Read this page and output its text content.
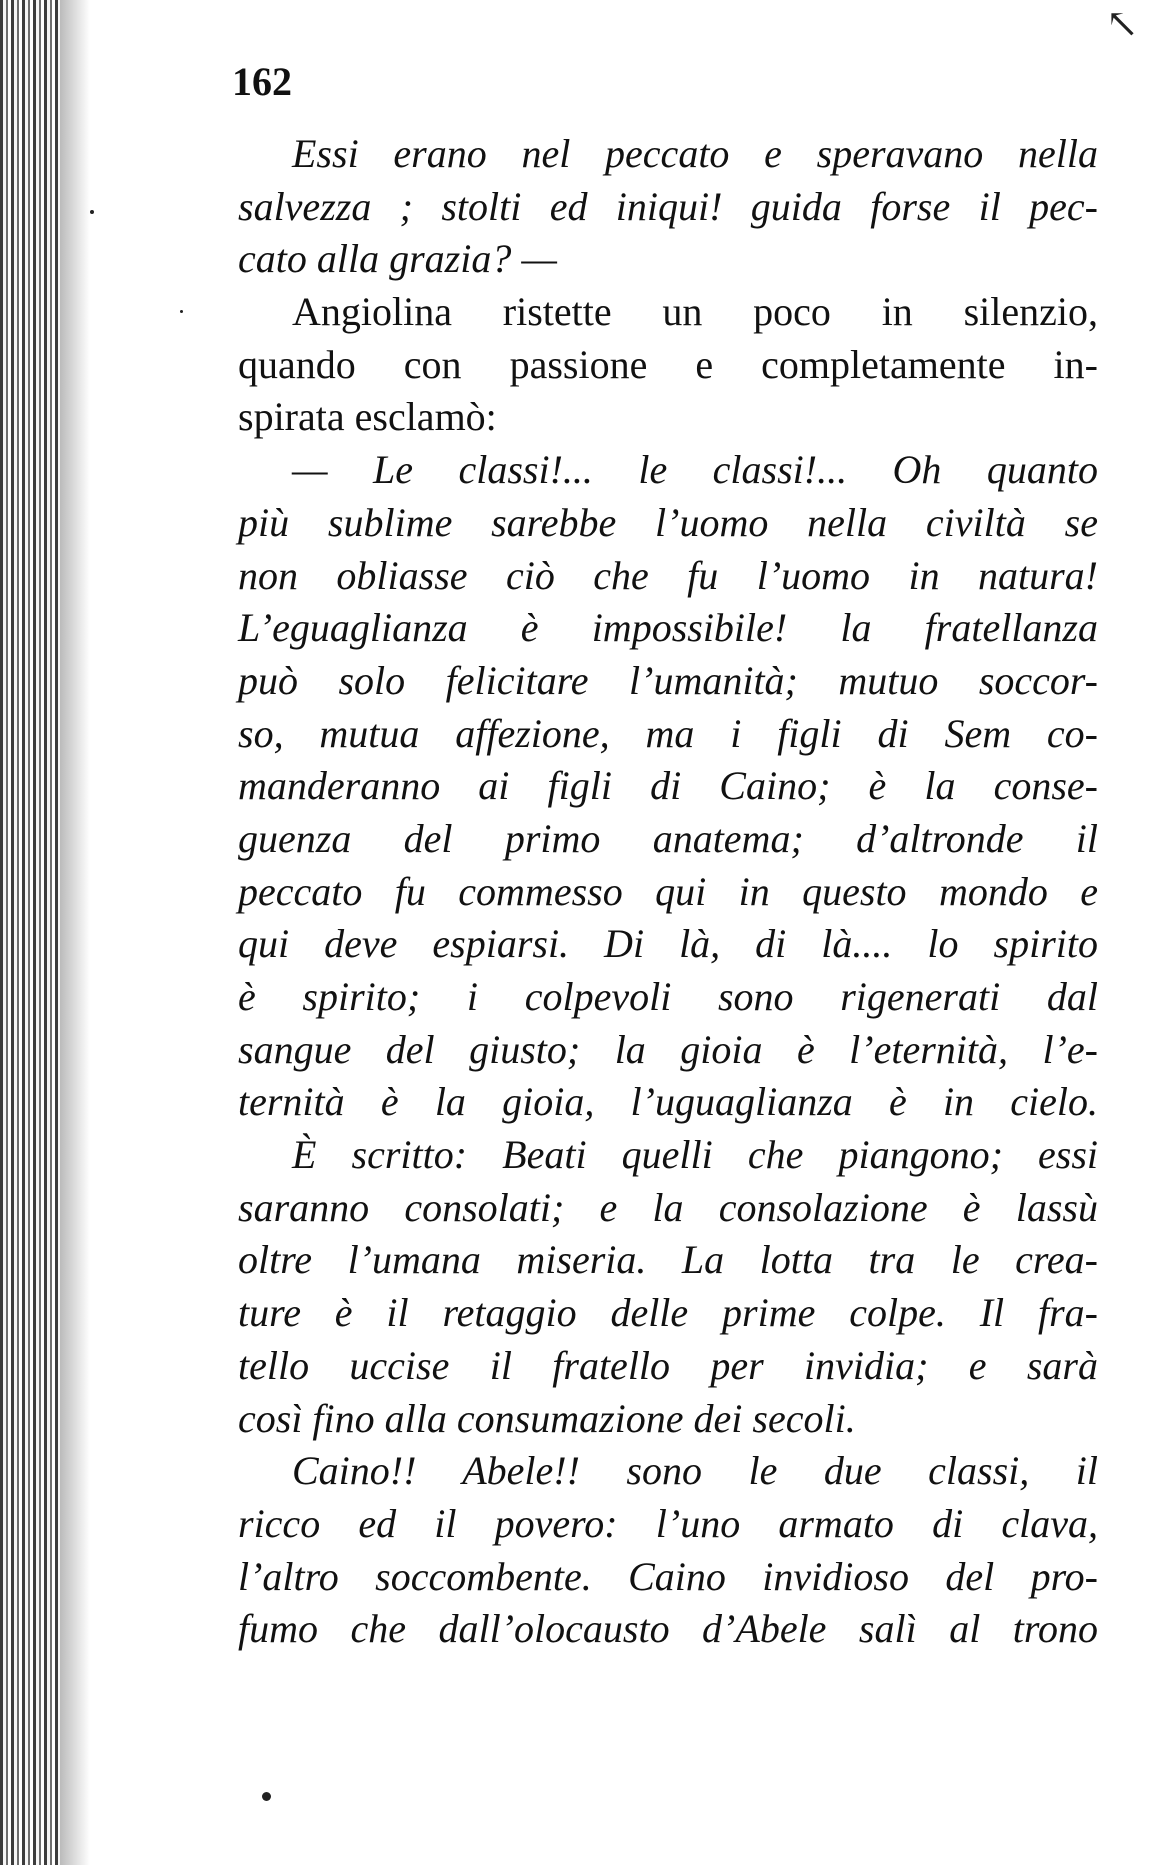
↖
162
Essi erano nel peccato e speravano nella
salvezza ; stolti ed iniqui! guida forse il pec-
cato alla grazia? —
Angiolina ristette un poco in silenzio,
quando con passione e completamente in-
spirata esclamò:
— Le classi!... le classi!... Oh quanto
più sublime sarebbe l’uomo nella civiltà se
non obliasse ciò che fu l’uomo in natura!
L’eguaglianza è impossibile! la fratellanza
può solo felicitare l’umanità; mutuo soccor-
so, mutua affezione, ma i figli di Sem co-
manderanno ai figli di Caino; è la conse-
guenza del primo anatema; d’altronde il
peccato fu commesso qui in questo mondo e
qui deve espiarsi. Di là, di là.... lo spirito
è spirito; i colpevoli sono rigenerati dal
sangue del giusto; la gioia è l’eternità, l’e-
ternità è la gioia, l’uguaglianza è in cielo.
È scritto: Beati quelli che piangono; essi
saranno consolati; e la consolazione è lassù
oltre l’umana miseria. La lotta tra le crea-
ture è il retaggio delle prime colpe. Il fra-
tello uccise il fratello per invidia; e sarà
così fino alla consumazione dei secoli.
Caino!! Abele!! sono le due classi, il
ricco ed il povero: l’uno armato di clava,
l’altro soccombente. Caino invidioso del pro-
fumo che dall’olocausto d’Abele salì al trono
